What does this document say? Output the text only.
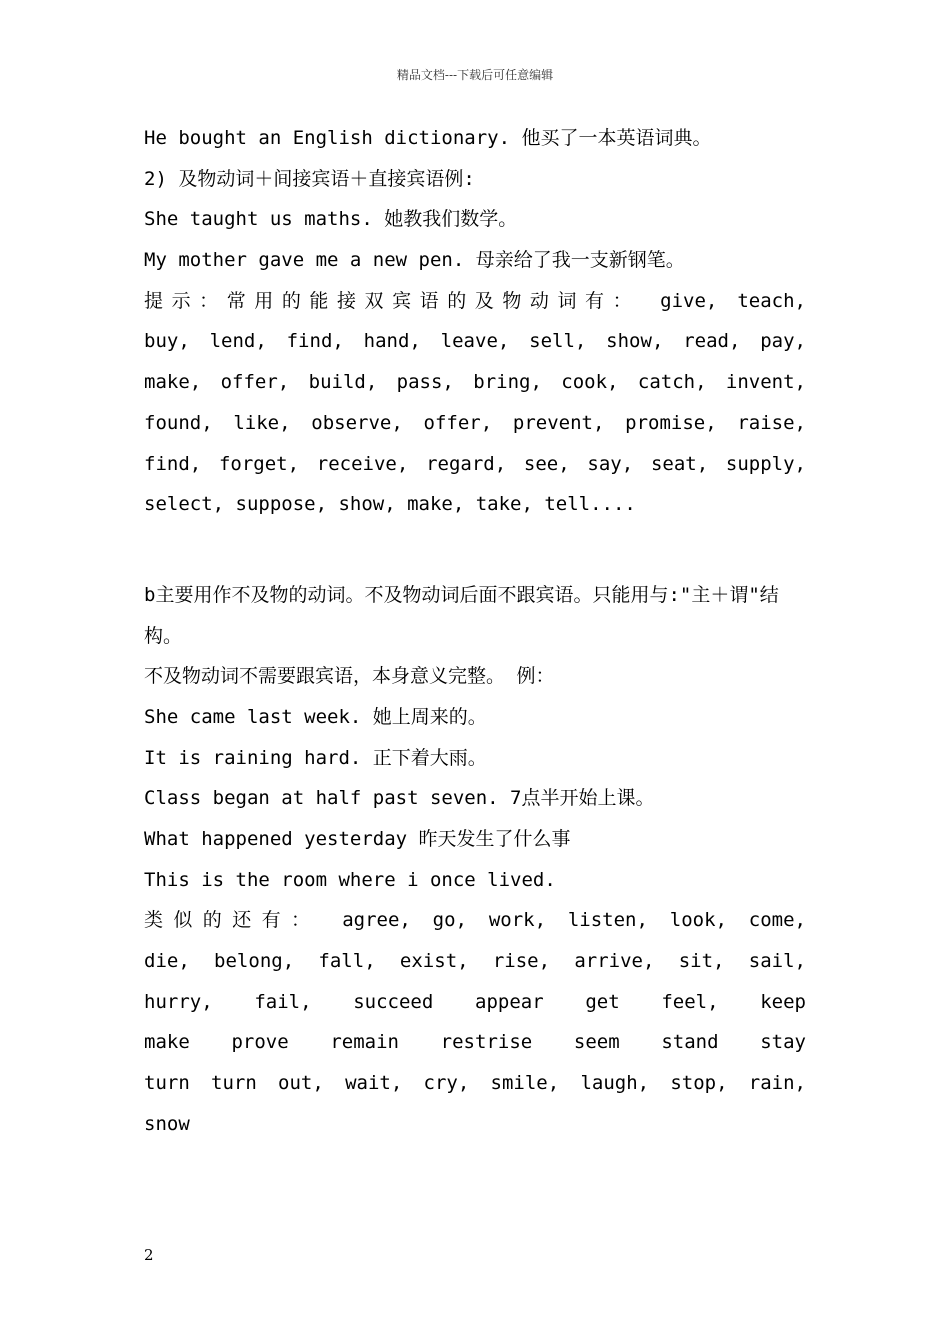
精品文档---下载后可任意编辑
He bought an English dictionary. 他买了一本英语词典。
2) 及物动词＋间接宾语＋直接宾语例:
She taught us maths. 她教我们数学。
My mother gave me a new pen. 母亲给了我一支新钢笔。
提示：常用的能接双宾语的及物动词有： give, teach,
buy, lend, find, hand, leave, sell, show, read, pay,
make, offer, build, pass, bring, cook, catch, invent,
found, like, observe, offer, prevent, promise, raise,
find, forget, receive, regard, see, say, seat, supply,
select, suppose, show, make, take, tell....
b主要用作不及物的动词。不及物动词后面不跟宾语。只能用与:"主＋谓"结构。
不及物动词不需要跟宾语，本身意义完整。 例：
She came last week. 她上周来的。
It is raining hard. 正下着大雨。
Class began at half past seven. 7点半开始上课。
What happened yesterday 昨天发生了什么事
This is the room where i once lived.
类似的还有： agree, go, work, listen, look, come,
die, belong, fall, exist, rise, arrive, sit, sail,
hurry, fail, succeed appear get feel, keep
make prove remain restrise seem stand stay
turn turn out, wait, cry, smile, laugh, stop, rain,
snow
2
